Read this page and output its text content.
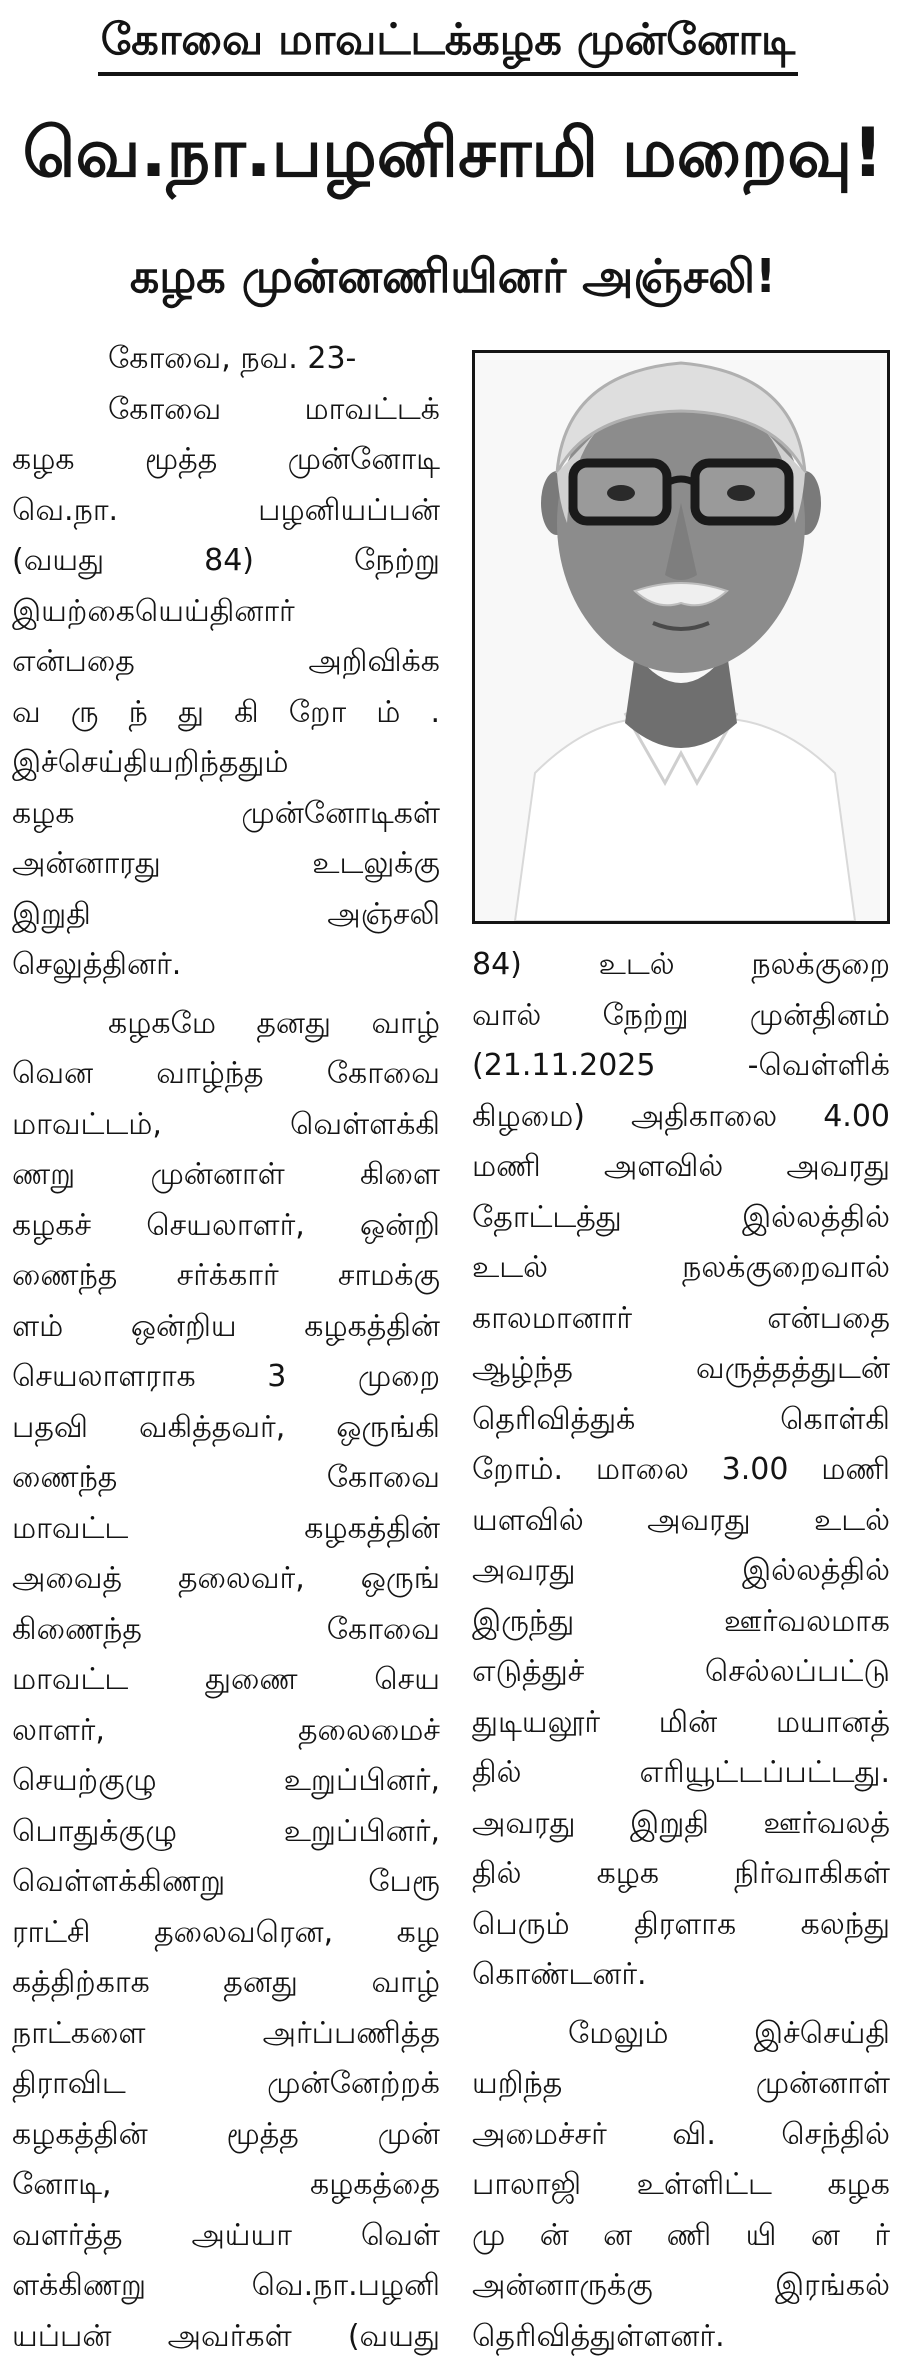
கோவை மாவட்டக்கழக முன்னோடி
வெ.நா.பழனிசாமி மறைவு!
கழக முன்னணியினர் அஞ்சலி!
கோவை, நவ. 23-
கோவை மாவட்டக்
கழக மூத்த முன்னோடி
வெ.நா. பழனியப்பன்
(வயது 84) நேற்று
இயற்கையெய்தினார்
என்பதை அறிவிக்க
வ ரு ந் து கி றோ ம் .
இச்செய்தியறிந்ததும்
கழக முன்னோடிகள்
அன்னாரது உடலுக்கு
இறுதி அஞ்சலி
செலுத்தினர்.
கழகமே தனது வாழ்
வென வாழ்ந்த கோவை
மாவட்டம், வெள்ளக்கி
ணறு முன்னாள் கிளை
கழகச் செயலாளர், ஒன்றி
ணைந்த சர்க்கார் சாமக்கு
ளம் ஒன்றிய கழகத்தின்
செயலாளராக 3 முறை
பதவி வகித்தவர், ஒருங்கி
ணைந்த கோவை
மாவட்ட கழகத்தின்
அவைத் தலைவர், ஒருங்
கிணைந்த கோவை
மாவட்ட துணை செய
லாளர், தலைமைச்
செயற்குழு உறுப்பினர்,
பொதுக்குழு உறுப்பினர்,
வெள்ளக்கிணறு பேரூ
ராட்சி தலைவரென, கழ
கத்திற்காக தனது வாழ்
நாட்களை அர்ப்பணித்த
திராவிட முன்னேற்றக்
கழகத்தின் மூத்த முன்
னோடி, கழகத்தை
வளர்த்த அய்யா வெள்
ளக்கிணறு வெ.நா.பழனி
யப்பன் அவர்கள் (வயது
84) உடல் நலக்குறை
வால் நேற்று முன்தினம்
(21.11.2025 -வெள்ளிக்
கிழமை) அதிகாலை 4.00
மணி அளவில் அவரது
தோட்டத்து இல்லத்தில்
உடல் நலக்குறைவால்
காலமானார் என்பதை
ஆழ்ந்த வருத்தத்துடன்
தெரிவித்துக் கொள்கி
றோம். மாலை 3.00 மணி
யளவில் அவரது உடல்
அவரது இல்லத்தில்
இருந்து ஊர்வலமாக
எடுத்துச் செல்லப்பட்டு
துடியலூர் மின் மயானத்
தில் எரியூட்டப்பட்டது.
அவரது இறுதி ஊர்வலத்
தில் கழக நிர்வாகிகள்
பெரும் திரளாக கலந்து
கொண்டனர்.
மேலும் இச்செய்தி
யறிந்த முன்னாள்
அமைச்சர் வி. செந்தில்
பாலாஜி உள்ளிட்ட கழக
மு ன் ன ணி யி ன ர்
அன்னாருக்கு இரங்கல்
தெரிவித்துள்ளனர்.
